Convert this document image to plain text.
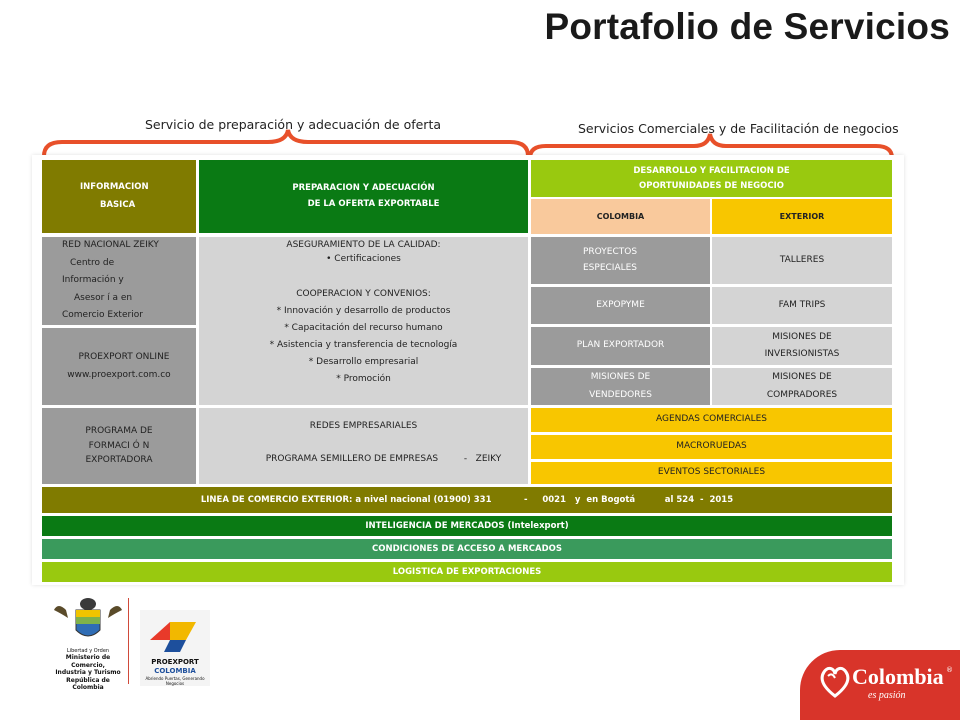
Portafolio de Servicios
Servicio de preparación y adecuación de oferta	Servicios Comerciales y de Facilitación de negocios
INFORMACION
BASICA
PREPARACION Y ADECUACIÓN
DE LA OFERTA EXPORTABLE
DESARROLLO Y FACILITACION DE
OPORTUNIDADES DE NEGOCIO
COLOMBIA	EXTERIOR
RED NACIONAL ZEIKY
Centro de
Información y
Asesor í a en
Comercio Exterior
PROEXPORT ONLINE
www.proexport.com.co
PROGRAMA DE
FORMACI Ó N
EXPORTADORA
ASEGURAMIENTO DE LA CALIDAD:
• Certificaciones
COOPERACION Y CONVENIOS:
* Innovación y desarrollo de productos
* Capacitación del recurso humano
* Asistencia y transferencia de tecnología
* Desarrollo empresarial
* Promoción
REDES EMPRESARIALES
PROGRAMA SEMILLERO DE EMPRESAS         -   ZEIKY
PROYECTOS
ESPECIALES
EXPOPYME
PLAN EXPORTADOR
MISIONES DE
VENDEDORES
TALLERES
FAM TRIPS
MISIONES DE
INVERSIONISTAS
MISIONES DE
COMPRADORES
AGENDAS COMERCIALES
MACRORUEDAS
EVENTOS SECTORIALES
LINEA DE COMERCIO EXTERIOR: a nivel nacional (01900) 331           -     0021   y  en Bogotá          al 524  -  2015
INTELIGENCIA DE MERCADOS (Intelexport)
CONDICIONES DE ACCESO A MERCADOS
LOGISTICA DE EXPORTACIONES
Libertad y Orden
Ministerio de Comercio,
Industria y Turismo
República de Colombia
PROEXPORT
COLOMBIA
Abriendo Puertas, Generando Negocios	Colombia ®
es pasión
